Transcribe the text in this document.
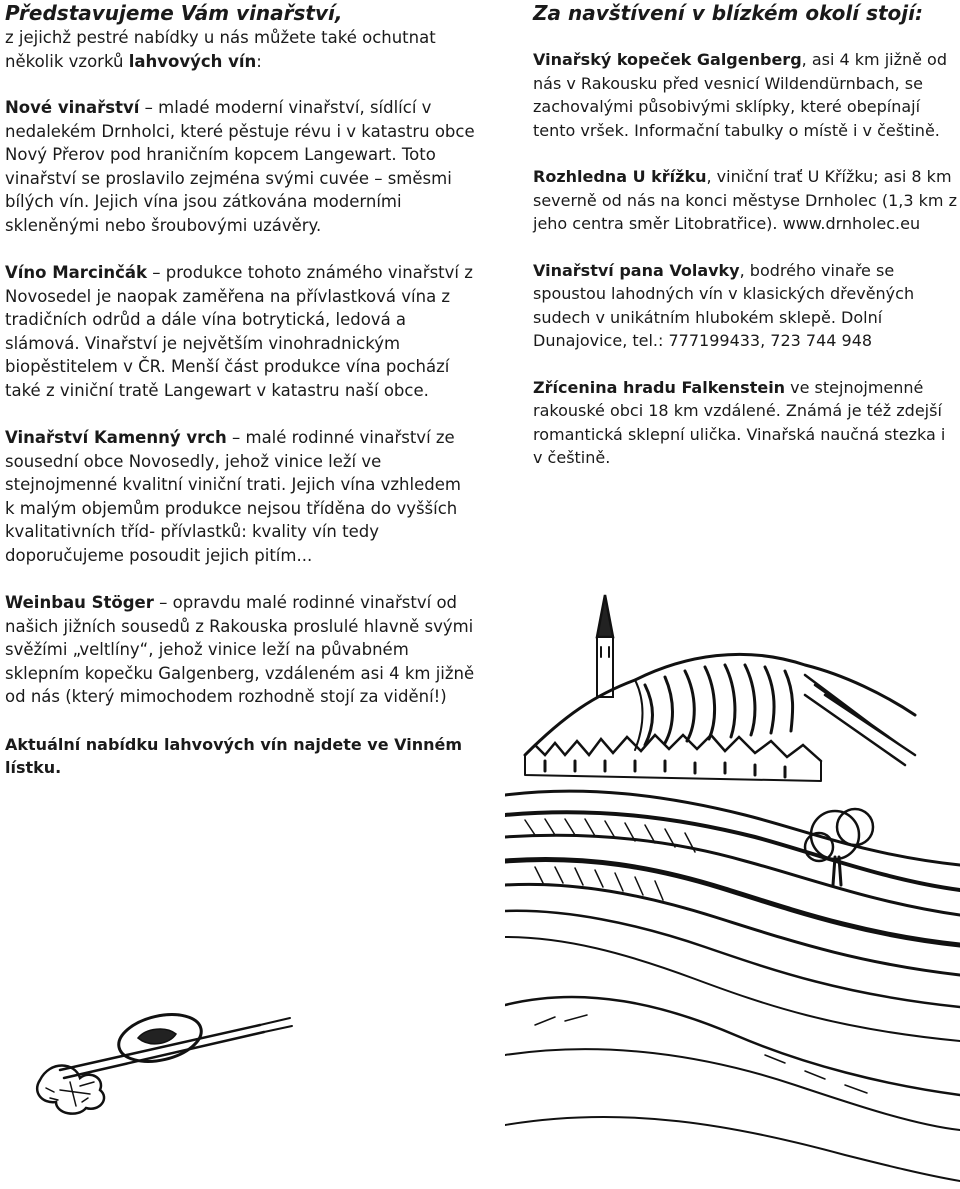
Představujeme Vám vinařství,

z jejichž pestré nabídky u nás můžete také ochutnat několik vzorků lahvových vín:

Nové vinařství – mladé moderní vinařství, sídlící v nedalekém Drnholci, které pěstuje révu i v katastru obce Nový Přerov pod hraničním kopcem Langewart. Toto vinařství se proslavilo zejména svými cuvée – směsmi bílých vín. Jejich vína jsou zátkována moderními skleněnými nebo šroubovými uzávěry.

Víno Marcinčák – produkce tohoto známého vinařství z Novosedel je naopak zaměřena na přívlastková vína z tradičních odrůd a dále vína botrytická, ledová a slámová. Vinařství je největším vinohradnickým biopěstitelem v ČR. Menší část produkce vína pochází také z viniční tratě Langewart v katastru naší obce.

Vinařství Kamenný vrch – malé rodinné vinařství ze sousední obce Novosedly, jehož vinice leží ve stejnojmenné kvalitní viniční trati. Jejich vína vzhledem k malým objemům produkce nejsou tříděna do vyšších kvalitativních tříd- přívlastků: kvality vín tedy doporučujeme posoudit jejich pitím...

Weinbau Stöger – opravdu malé rodinné vinařství od našich jižních sousedů z Rakouska proslulé hlavně svými svěžími „veltlíny“, jehož vinice leží na půvabném sklepním kopečku Galgenberg, vzdáleném asi 4 km jižně od nás (který mimochodem rozhodně stojí za vidění!)

Aktuální nabídku lahvových vín najdete ve Vinném lístku.

Za navštívení v blízkém okolí stojí:

Vinařský kopeček Galgenberg, asi 4 km jižně od nás v Rakousku před vesnicí Wildendürnbach, se zachovalými působivými sklípky, které obepínají tento vršek. Informační tabulky o místě i v češtině.

Rozhledna U křížku, viniční trať U Křížku; asi 8 km severně od nás na konci městyse Drnholec (1,3 km z jeho centra směr Litobratřice). www.drnholec.eu

Vinařství pana Volavky, bodrého vinaře se spoustou lahodných vín v klasických dřevěných sudech v unikátním hlubokém sklepě. Dolní Dunajovice, tel.: 777199433, 723 744 948

Zřícenina hradu Falkenstein ve stejnojmenné rakouské obci 18 km vzdálené. Známá je též zdejší romantická sklepní ulička. Vinařská naučná stezka i v češtině.
